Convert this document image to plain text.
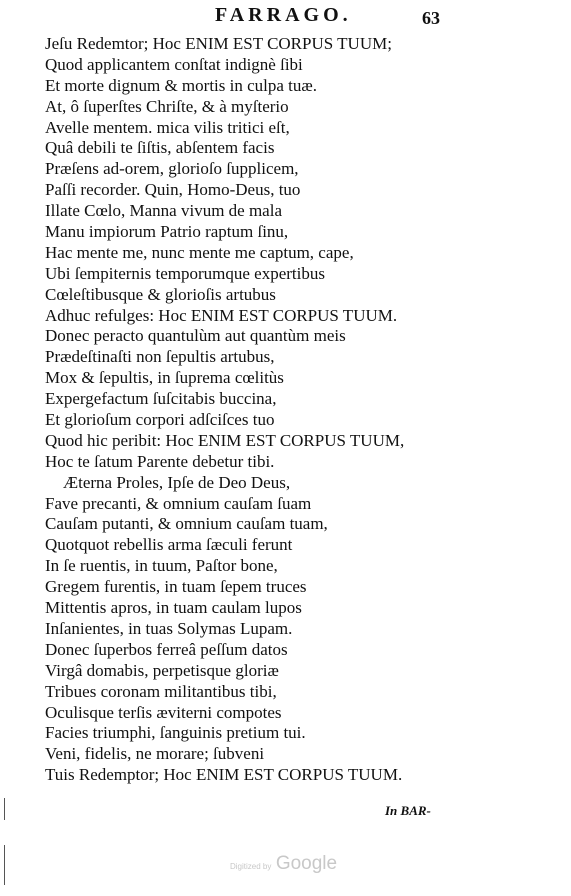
FARRAGO.	63
Jeſu Redemtor; Hoc ENIM EST CORPUS TUUM;
Quod applicantem conſtat indignè ſibi
Et morte dignum & mortis in culpa tuæ.
At, ô ſuperſtes Chriſte, & à myſterio
Avelle mentem. mica vilis tritici eſt,
Quâ debili te ſiſtis, abſentem facis
Præſens ad-orem, glorioſo ſupplicem,
Paſſi recorder. Quin, Homo-Deus, tuo
Illate Cœlo, Manna vivum de mala
Manu impiorum Patrio raptum ſinu,
Hac mente me, nunc mente me captum, cape,
Ubi ſempiternis temporumque expertibus
Cœleſtibusque & glorioſis artubus
Adhuc refulges: Hoc ENIM EST CORPUS TUUM.
Donec peracto quantulùm aut quantùm meis
Prædeſtinaſti non ſepultis artubus,
Mox & ſepultis, in ſuprema cœlitùs
Expergefactum ſuſcitabis buccina,
Et glorioſum corpori adſciſces tuo
Quod hic peribit: Hoc ENIM EST CORPUS TUUM,
Hoc te ſatum Parente debetur tibi.
Æterna Proles, Ipſe de Deo Deus,
Fave precanti, & omnium cauſam ſuam
Cauſam putanti, & omnium cauſam tuam,
Quotquot rebellis arma ſæculi ferunt
In ſe ruentis, in tuum, Paſtor bone,
Gregem furentis, in tuam ſepem truces
Mittentis apros, in tuam caulam lupos
Inſanientes, in tuas Solymas Lupam.
Donec ſuperbos ferreâ peſſum datos
Virgâ domabis, perpetisque gloriæ
Tribues coronam militantibus tibi,
Oculisque terſis æviterni compotes
Facies triumphi, ſanguinis pretium tui.
Veni, fidelis, ne morare; ſubveni
Tuis Redemptor; Hoc ENIM EST CORPUS TUUM.
In BAR-
Digitized by Google
